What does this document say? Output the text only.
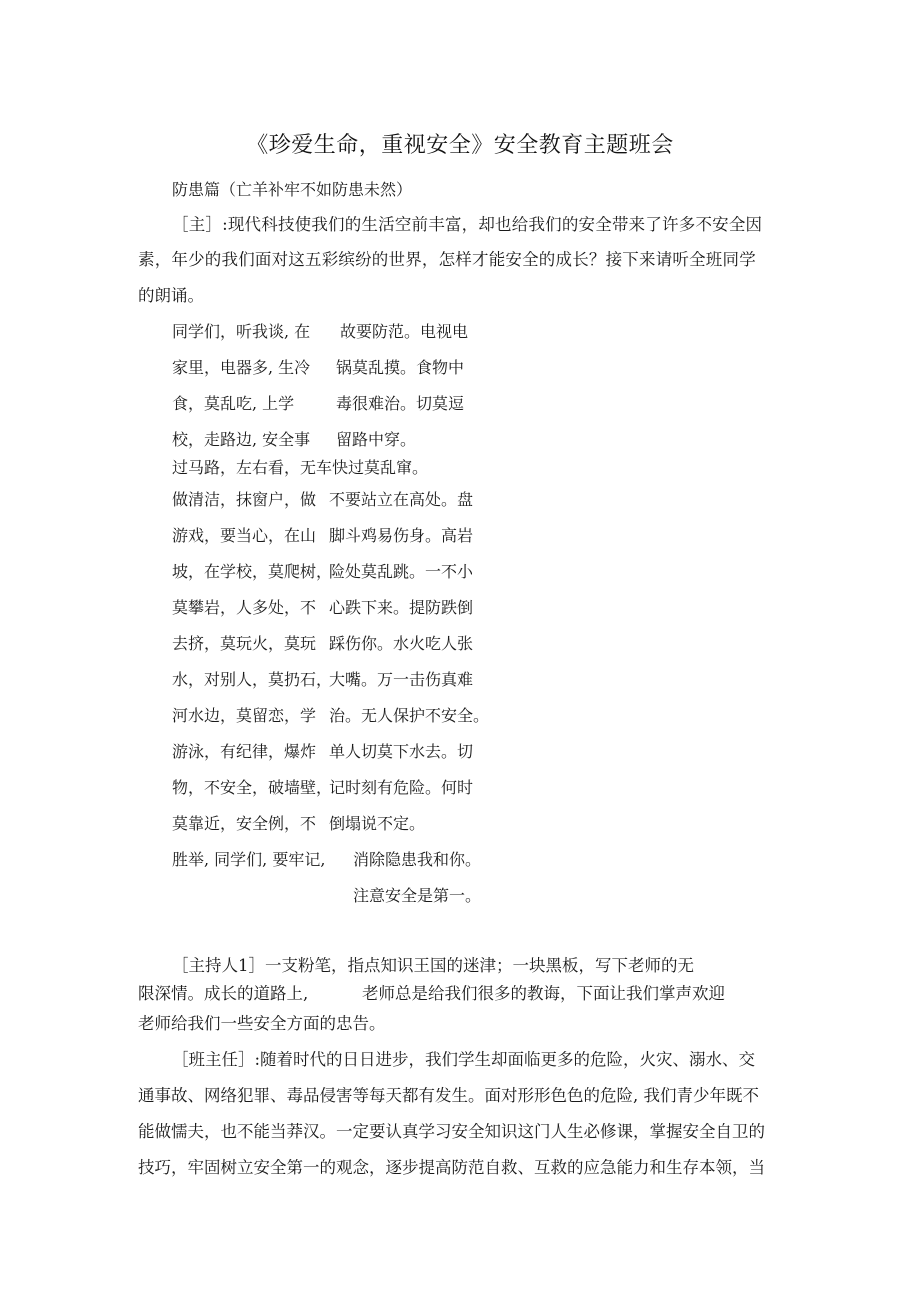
《珍爱生命，重视安全》安全教育主题班会
防患篇（亡羊补牢不如防患未然）
［主］:现代科技使我们的生活空前丰富，却也给我们的安全带来了许多不安全因
素，年少的我们面对这五彩缤纷的世界，怎样才能安全的成长？接下来请听全班同学
的朗诵。
同学们，听我谈, 在
家里，电器多, 生冷
食，莫乱吃, 上学
校，走路边, 安全事
过马路，左右看，无车快过莫乱窜。
做清洁，抹窗户，做
游戏，要当心，在山
坡，在学校，莫爬树，
莫攀岩，人多处，不
去挤，莫玩火，莫玩
水，对别人，莫扔石，
河水边，莫留恋，学
游泳，有纪律，爆炸
物，不安全，破墙壁，
莫靠近，安全例，不
胜举, 同学们, 要牢记,
故要防范。电视电
锅莫乱摸。食物中
毒很难治。切莫逗
留路中穿。
不要站立在高处。盘
脚斗鸡易伤身。高岩
险处莫乱跳。一不小
心跌下来。提防跌倒
踩伤你。水火吃人张
大嘴。万一击伤真难
治。无人保护不安全。
单人切莫下水去。切
记时刻有危险。何时
倒塌说不定。
消除隐患我和你。
注意安全是第一。
［主持人1］一支粉笔，指点知识王国的迷津；一块黑板，写下老师的无
限深情。成长的道路上,	老师总是给我们很多的教诲，下面让我们掌声欢迎
老师给我们一些安全方面的忠告。
［班主任］:随着时代的日日进步，我们学生却面临更多的危险，火灾、溺水、交
通事故、网络犯罪、毒品侵害等每天都有发生。面对形形色色的危险, 我们青少年既不
能做懦夫，也不能当莽汉。一定要认真学习安全知识这门人生必修课，掌握安全自卫的
技巧，牢固树立安全第一的观念，逐步提高防范自救、互救的应急能力和生存本领，当
